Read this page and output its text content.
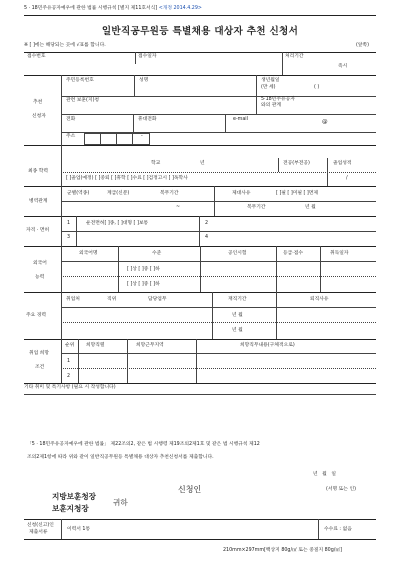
5 · 18민주유공자예우에 관한 법률 시행규칙 [별지 제11호서식] <개정 2014.4.29>
일반직공무원등 특별채용 대상자 추천 신청서
※ [ ]에는 해당되는 곳에 √표를 합니다.	(앞쪽)
접수번호	접수일자	처리기간
즉시
추천
신청자
주민등록번호	성명	생년월일
(만 세)	( )
관련 보훈(지)청	5·18민주유공자
와의 관계
전화	휴대전화	e-mail	@
주소	-
최종 학력
학교	년	전공(부전공)	졸업성적
[ ]졸업(예정) [ ]중퇴 [ ]휴학 [ ]수료 [ ]검정고시 [ ]독학사	/
병역관계
군별(역종)	계급(신분)	복무기간	제대사유	[ ]필 [ ]미필 [ ]면제
~	복무기간	년 월
자격 · 면허
1	운전면허[ ]종, [ ]대형 [ ]보통	2
3	4
외국어
능력
외국어명	수준	공인시험	등급·점수	취득일자
[ ]상 [ ]중 [ ]하
[ ]상 [ ]중 [ ]하
주요 경력
취업처	직위	담당업무	재직기간	퇴직사유
년 월
년 월
취업 희망
조건
순위 희망직렬	희망근무지역	희망직무내용(구체적으로)
1
2
기타 취미 및 특기사항 (필요 시 작성합니다)
「5 · 18민주유공자예우에 관한 법률」 제22조의2, 같은 법 시행령 제19조의2제1호 및 같은 법 시행규칙 제12
조의2제1항에 따라 위와 같이 일반직공무원등 특별채용 대상자 추천신청서를 제출합니다.
년 월 일
신청인	(서명 또는 인)
지방보훈청장
보훈지청장
귀하
신청(신고)인
제출서류
이력서 1통	수수료 : 없음
210mm×297mm[백상지 80g/㎡ 또는 중질지 80g/㎡]
